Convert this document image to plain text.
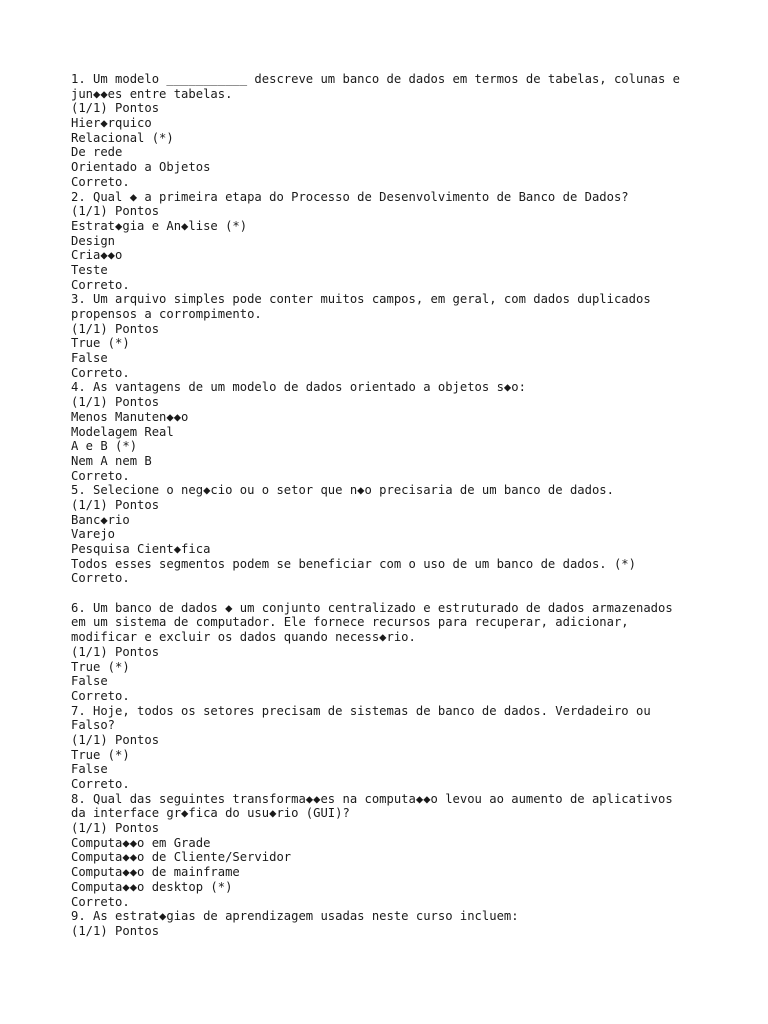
1. Um modelo ___________ descreve um banco de dados em termos de tabelas, colunas e
jun◆◆es entre tabelas.
(1/1) Pontos
Hier◆rquico
Relacional (*)
De rede
Orientado a Objetos
Correto.
2. Qual ◆ a primeira etapa do Processo de Desenvolvimento de Banco de Dados?
(1/1) Pontos
Estrat◆gia e An◆lise (*)
Design
Cria◆◆o
Teste
Correto.
3. Um arquivo simples pode conter muitos campos, em geral, com dados duplicados
propensos a corrompimento.
(1/1) Pontos
True (*)
False
Correto.
4. As vantagens de um modelo de dados orientado a objetos s◆o:
(1/1) Pontos
Menos Manuten◆◆o
Modelagem Real
A e B (*)
Nem A nem B
Correto.
5. Selecione o neg◆cio ou o setor que n◆o precisaria de um banco de dados.
(1/1) Pontos
Banc◆rio
Varejo
Pesquisa Cient◆fica
Todos esses segmentos podem se beneficiar com o uso de um banco de dados. (*)
Correto.
6. Um banco de dados ◆ um conjunto centralizado e estruturado de dados armazenados
em um sistema de computador. Ele fornece recursos para recuperar, adicionar,
modificar e excluir os dados quando necess◆rio.
(1/1) Pontos
True (*)
False
Correto.
7. Hoje, todos os setores precisam de sistemas de banco de dados. Verdadeiro ou
Falso?
(1/1) Pontos
True (*)
False
Correto.
8. Qual das seguintes transforma◆◆es na computa◆◆o levou ao aumento de aplicativos
da interface gr◆fica do usu◆rio (GUI)?
(1/1) Pontos
Computa◆◆o em Grade
Computa◆◆o de Cliente/Servidor
Computa◆◆o de mainframe
Computa◆◆o desktop (*)
Correto.
9. As estrat◆gias de aprendizagem usadas neste curso incluem:
(1/1) Pontos
